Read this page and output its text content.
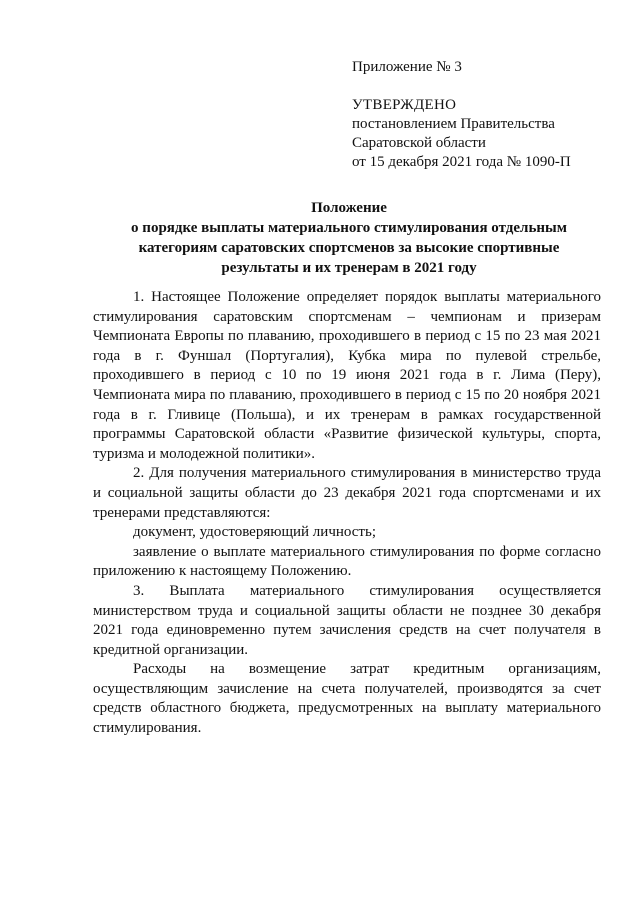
Приложение № 3
УТВЕРЖДЕНО
постановлением Правительства
Саратовской области
от 15 декабря 2021 года № 1090-П
Положение
о порядке выплаты материального стимулирования отдельным
категориям саратовских спортсменов за высокие спортивные
результаты и их тренерам в 2021 году

1. Настоящее Положение определяет порядок выплаты материального стимулирования саратовским спортсменам – чемпионам и призерам Чемпионата Европы по плаванию, проходившего в период с 15 по 23 мая 2021 года в г. Фуншал (Португалия), Кубка мира по пулевой стрельбе, проходившего в период с 10 по 19 июня 2021 года в г. Лима (Перу), Чемпионата мира по плаванию, проходившего в период с 15 по 20 ноября 2021 года в г. Гливице (Польша), и их тренерам в рамках государственной программы Саратовской области «Развитие физической культуры, спорта, туризма и молодежной политики».

2. Для получения материального стимулирования в министерство труда и социальной защиты области до 23 декабря 2021 года спортсменами и их тренерами представляются:

документ, удостоверяющий личность;

заявление о выплате материального стимулирования по форме согласно приложению к настоящему Положению.

3. Выплата материального стимулирования осуществляется министерством труда и социальной защиты области не позднее 30 декабря 2021 года единовременно путем зачисления средств на счет получателя в кредитной организации.

Расходы на возмещение затрат кредитным организациям, осуществляющим зачисление на счета получателей, производятся за счет средств областного бюджета, предусмотренных на выплату материального стимулирования.
